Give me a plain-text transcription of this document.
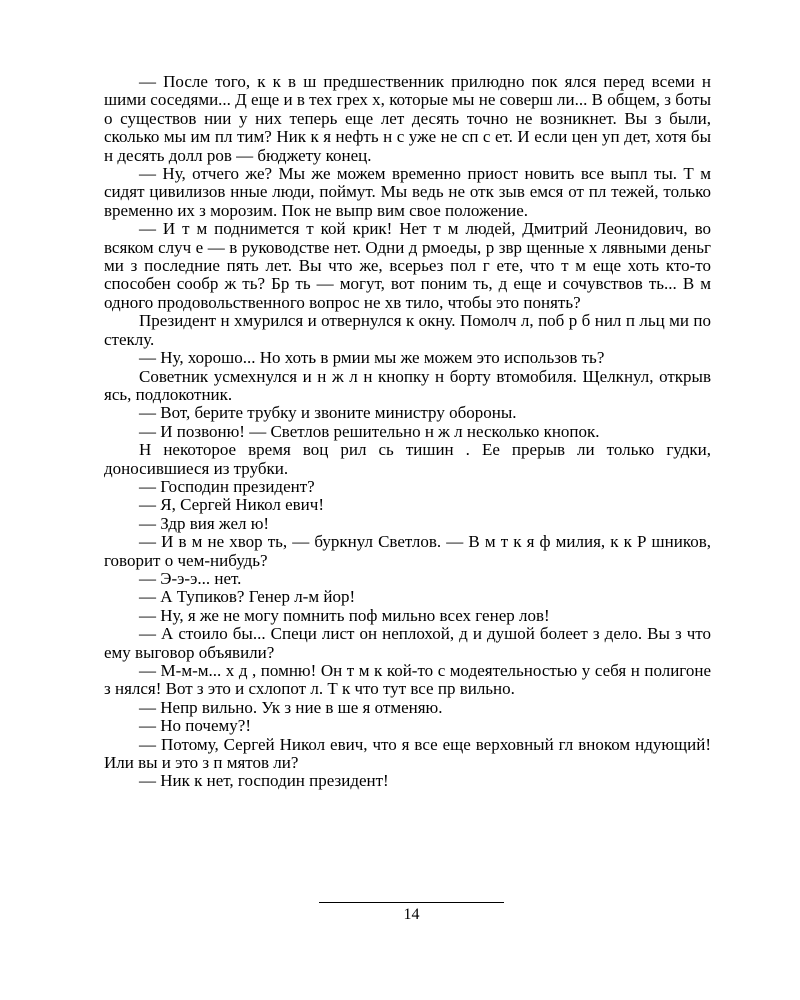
— После того, к к в ш предшественник прилюдно пок ялся перед всеми н шими соседями... Д еще и в тех грех х, которые мы не соверш ли... В общем, з боты о существов нии у них теперь еще лет десять точно не возникнет. Вы з были, сколько мы им пл тим? Ник к я нефть н с уже не сп с ет. И если цен уп дет, хотя бы н десять долл ров — бюджету конец.

— Ну, отчего же? Мы же можем временно приост новить все выпл ты. Т м сидят цивилизов нные люди, поймут. Мы ведь не отк зыв емся от пл тежей, только временно их з морозим. Пок не выпр вим свое положение.

— И т м поднимется т кой крик! Нет т м людей, Дмитрий Леонидович, во всяком случ е — в руководстве нет. Одни д рмоеды, р звр щенные х лявными деньг ми з последние пять лет. Вы что же, всерьез пол г ете, что т м еще хоть кто-то способен сообр ж ть? Бр ть — могут, вот поним ть, д еще и сочувствов ть... В м одного продовольственного вопрос не хв тило, чтобы это понять?

Президент н хмурился и отвернулся к окну. Помолч л, поб р б нил п льц ми по стеклу.

— Ну, хорошо... Но хоть в рмии мы же можем это использов ть?

Советник усмехнулся и н ж л н кнопку н борту втомобиля. Щелкнул, открыв ясь, подлокотник.

— Вот, берите трубку и звоните министру обороны.

— И позвоню! — Светлов решительно н ж л несколько кнопок.

Н некоторое время воц рил сь тишин . Ее прерыв ли только гудки, доносившиеся из трубки.

— Господин президент?

— Я, Сергей Никол евич!

— Здр вия жел ю!

— И в м не хвор ть, — буркнул Светлов. — В м т к я ф милия, к к Р шников, говорит о чем-нибудь?

— Э-э-э... нет.

— А Тупиков? Генер л-м йор!

— Ну, я же не могу помнить поф мильно всех генер лов!

— А стоило бы... Специ лист он неплохой, д и душой болеет з дело. Вы з что ему выговор объявили?

— М-м-м... х д , помню! Он т м к кой-то с модеятельностью у себя н полигоне з нялся! Вот з это и схлопот л. Т к что тут все пр вильно.

— Непр вильно. Ук з ние в ше я отменяю.

— Но почему?!

— Потому, Сергей Никол евич, что я все еще верховный гл вноком ндующий! Или вы и это з п мятов ли?

— Ник к нет, господин президент!

14
